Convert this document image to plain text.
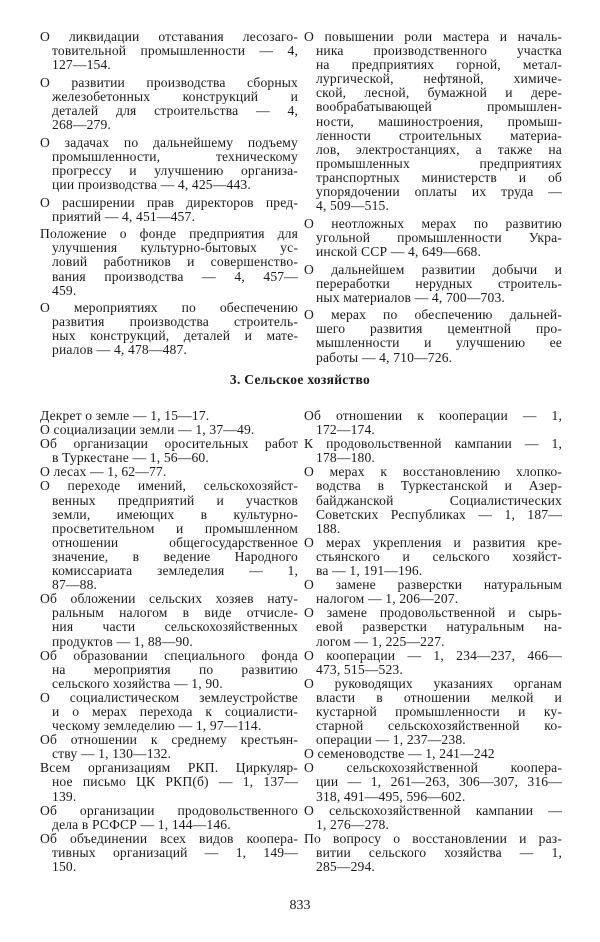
О ликвидации отставания лесозаго-
товительной промышленности — 4,
127—154.
О развитии производства сборных
железобетонных конструкций и
деталей для строительства — 4,
268—279.
О задачах по дальнейшему подъему
промышленности, техническому
прогрессу и улучшению организа-
ции производства — 4, 425—443.
О расширении прав директоров пред-
приятий — 4, 451—457.
Положение о фонде предприятия для
улучшения культурно-бытовых ус-
ловий работников и совершенство-
вания производства — 4, 457—
459.
О мероприятиях по обеспечению
развития производства строитель-
ных конструкций, деталей и мате-
риалов — 4, 478—487.
О повышении роли мастера и началь-
ника производственного участка
на предприятиях горной, метал-
лургической, нефтяной, химиче-
ской, лесной, бумажной и дере-
вообрабатывающей промышлен-
ности, машиностроения, промыш-
ленности строительных материа-
лов, электростанциях, а также на
промышленных предприятиях
транспортных министерств и об
упорядочении оплаты их труда —
4, 509—515.
О неотложных мерах по развитию
угольной промышленности Укра-
инской ССР — 4, 649—668.
О дальнейшем развитии добычи и
переработки нерудных строитель-
ных материалов — 4, 700—703.
О мерах по обеспечению дальней-
шего развития цементной про-
мышленности и улучшению ее
работы — 4, 710—726.
3. Сельское хозяйство
Декрет о земле — 1, 15—17.
О социализации земли — 1, 37—49.
Об организации оросительных работ
в Туркестане — 1, 56—60.
О лесах — 1, 62—77.
О переходе имений, сельскохозяйст-
венных предприятий и участков
земли, имеющих в культурно-
просветительном и промышленном
отношении общегосударственное
значение, в ведение Народного
комиссариата земледелия — 1,
87—88.
Об обложении сельских хозяев нату-
ральным налогом в виде отчисле-
ния части сельскохозяйственных
продуктов — 1, 88—90.
Об образовании специального фонда
на мероприятия по развитию
сельского хозяйства — 1, 90.
О социалистическом землеустройстве
и о мерах перехода к социалисти-
ческому земледелию — 1, 97—114.
Об отношении к среднему крестьян-
ству — 1, 130—132.
Всем организациям РКП. Циркуляр-
ное письмо ЦК РКП(б) — 1, 137—
139.
Об организации продовольственного
дела в РСФСР — 1, 144—146.
Об объединении всех видов коопера-
тивных организаций — 1, 149—
150.
Об отношении к кооперации — 1,
172—174.
К продовольственной кампании — 1,
178—180.
О мерах к восстановлению хлопко-
водства в Туркестанской и Азер-
байджанской Социалистических
Советских Республиках — 1, 187—
188.
О мерах укрепления и развития кре-
стьянского и сельского хозяйст-
ва — 1, 191—196.
О замене разверстки натуральным
налогом — 1, 206—207.
О замене продовольственной и сырь-
евой разверстки натуральным на-
логом — 1, 225—227.
О кооперации — 1, 234—237, 466—
473, 515—523.
О руководящих указаниях органам
власти в отношении мелкой и
кустарной промышленности и ку-
старной сельскохозяйственной ко-
операции — 1, 237—238.
О семеноводстве — 1, 241—242
О сельскохозяйственной коопера-
ции — 1, 261—263, 306—307, 316—
318, 491—495, 596—602.
О сельскохозяйственной кампании —
1, 276—278.
По вопросу о восстановлении и раз-
витии сельского хозяйства — 1,
285—294.
833
